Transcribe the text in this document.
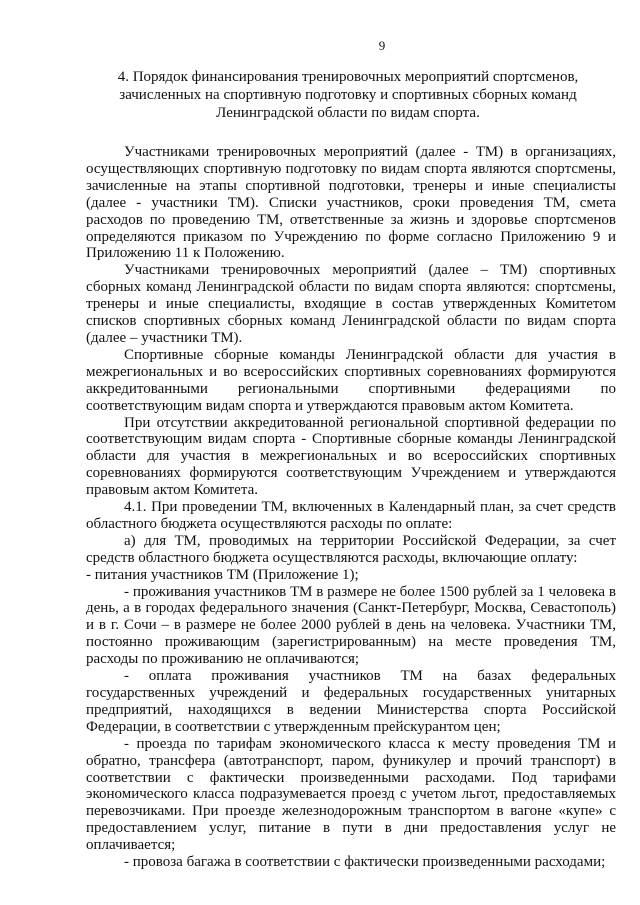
9
4. Порядок финансирования тренировочных мероприятий спортсменов,
зачисленных на спортивную подготовку и спортивных сборных команд
Ленинградской области по видам спорта.

Участниками тренировочных мероприятий (далее - ТМ) в организациях, осуществляющих спортивную подготовку по видам спорта являются спортсмены, зачисленные на этапы спортивной подготовки, тренеры и иные специалисты (далее - участники ТМ). Списки участников, сроки проведения ТМ, смета расходов по проведению ТМ, ответственные за жизнь и здоровье спортсменов определяются приказом по Учреждению по форме согласно Приложению 9 и Приложению 11 к Положению.

Участниками тренировочных мероприятий (далее – ТМ) спортивных сборных команд Ленинградской области по видам спорта являются: спортсмены, тренеры и иные специалисты, входящие в состав утвержденных Комитетом списков спортивных сборных команд Ленинградской области по видам спорта (далее – участники ТМ).

Спортивные сборные команды Ленинградской области для участия в межрегиональных и во всероссийских спортивных соревнованиях формируются аккредитованными региональными спортивными федерациями по соответствующим видам спорта и утверждаются правовым актом Комитета.

При отсутствии аккредитованной региональной спортивной федерации по соответствующим видам спорта - Спортивные сборные команды Ленинградской области для участия в межрегиональных и во всероссийских спортивных соревнованиях формируются соответствующим Учреждением и утверждаются правовым актом Комитета.

4.1. При проведении ТМ, включенных в Календарный план, за счет средств областного бюджета осуществляются расходы по оплате:

а) для ТМ, проводимых на территории Российской Федерации, за счет средств областного бюджета осуществляются расходы, включающие оплату:

- питания участников ТМ (Приложение 1);

- проживания участников ТМ в размере не более 1500 рублей за 1 человека в день, а в городах федерального значения (Санкт-Петербург, Москва, Севастополь) и в г. Сочи – в размере не более 2000 рублей в день на человека. Участники ТМ, постоянно проживающим (зарегистрированным) на месте проведения ТМ, расходы по проживанию не оплачиваются;

- оплата проживания участников ТМ на базах федеральных государственных учреждений и федеральных государственных унитарных предприятий, находящихся в ведении Министерства спорта Российской Федерации, в соответствии с утвержденным прейскурантом цен;

- проезда по тарифам экономического класса к месту проведения ТМ и обратно, трансфера (автотранспорт, паром, фуникулер и прочий транспорт) в соответствии с фактически произведенными расходами. Под тарифами экономического класса подразумевается проезд с учетом льгот, предоставляемых перевозчиками. При проезде железнодорожным транспортом в вагоне «купе» с предоставлением услуг, питание в пути в дни предоставления услуг не оплачивается;

- провоза багажа в соответствии с фактически произведенными расходами;
